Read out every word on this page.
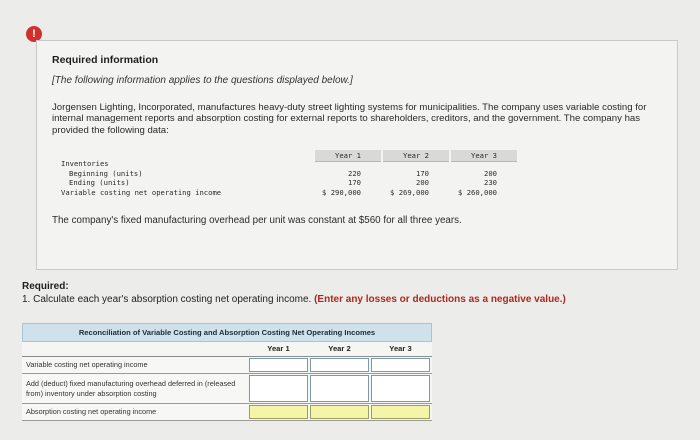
!
Required information
[The following information applies to the questions displayed below.]
Jorgensen Lighting, Incorporated, manufactures heavy-duty street lighting systems for municipalities. The company uses variable costing for internal management reports and absorption costing for external reports to shareholders, creditors, and the government. The company has provided the following data:
Year 1	Year 2	Year 3
Inventories
Beginning (units)	220	170	200
Ending (units)	170	200	230
Variable costing net operating income	$ 290,000	$ 269,000	$ 260,000
The company's fixed manufacturing overhead per unit was constant at $560 for all three years.
Required:
1. Calculate each year's absorption costing net operating income. (Enter any losses or deductions as a negative value.)
Reconciliation of Variable Costing and Absorption Costing Net Operating Incomes
Year 1	Year 2	Year 3
Variable costing net operating income
Add (deduct) fixed manufacturing overhead deferred in (released from) inventory under absorption costing
Absorption costing net operating income
